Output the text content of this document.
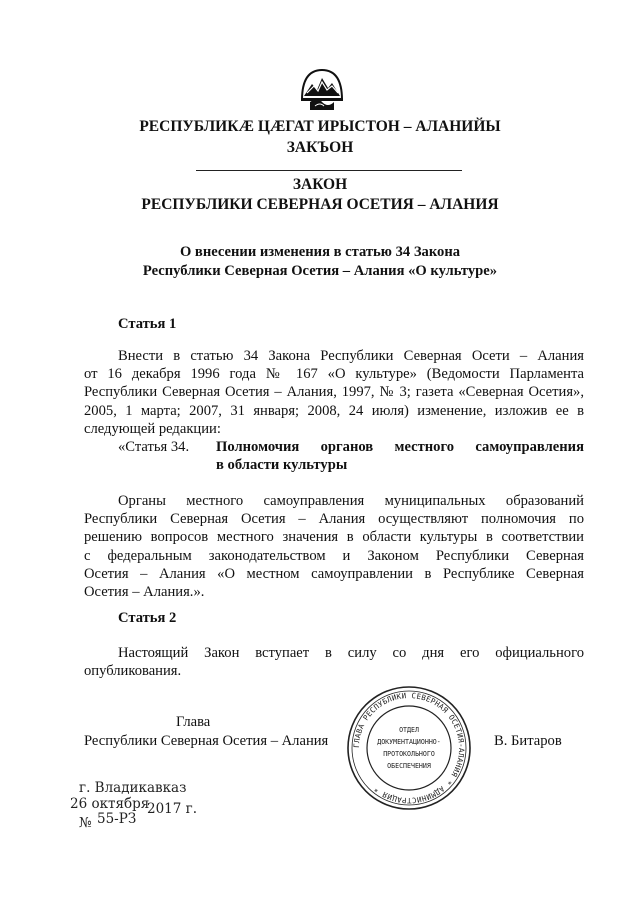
РЕСПУБЛИКӔ ЦӔГАТ ИРЫСТОН – АЛАНИЙЫ
ЗАКЪОН
ЗАКОН
РЕСПУБЛИКИ СЕВЕРНАЯ ОСЕТИЯ – АЛАНИЯ
О внесении изменения в статью 34 Закона
Республики Северная Осетия – Алания «О культуре»
Статья 1
Внести в статью 34 Закона Республики Северная Осети – Алания
от 16 декабря 1996 года № 167 «О культуре» (Ведомости Парламента
Республики Северная Осетия – Алания, 1997, № 3; газета «Северная Осетия»,
2005, 1 марта; 2007, 31 января; 2008, 24 июля) изменение, изложив ее в
следующей редакции:
«Статья 34.	Полномочия органов местного самоуправления
в области культуры
Органы местного самоуправления муниципальных образований
Республики Северная Осетия – Алания осуществляют полномочия по
решению вопросов местного значения в области культуры в соответствии
с федеральным законодательством и Законом Республики Северная
Осетия – Алания «О местном самоуправлении в Республике Северная
Осетия – Алания.».
Статья 2
Настоящий Закон вступает в силу со дня его официального
опубликования.
Глава
Республики Северная Осетия – Алания	В. Битаров
ГЛАВА РЕСПУБЛИКИ СЕВЕРНАЯ ОСЕТИЯ-АЛАНИЯ * АДМИНИСТРАЦИЯ *
ОТДЕЛ
ДОКУМЕНТАЦИОННО-
ПРОТОКОЛЬНОГО
ОБЕСПЕЧЕНИЯ
г. Владикавказ
26 октября
2017 г.
№ 55-РЗ
